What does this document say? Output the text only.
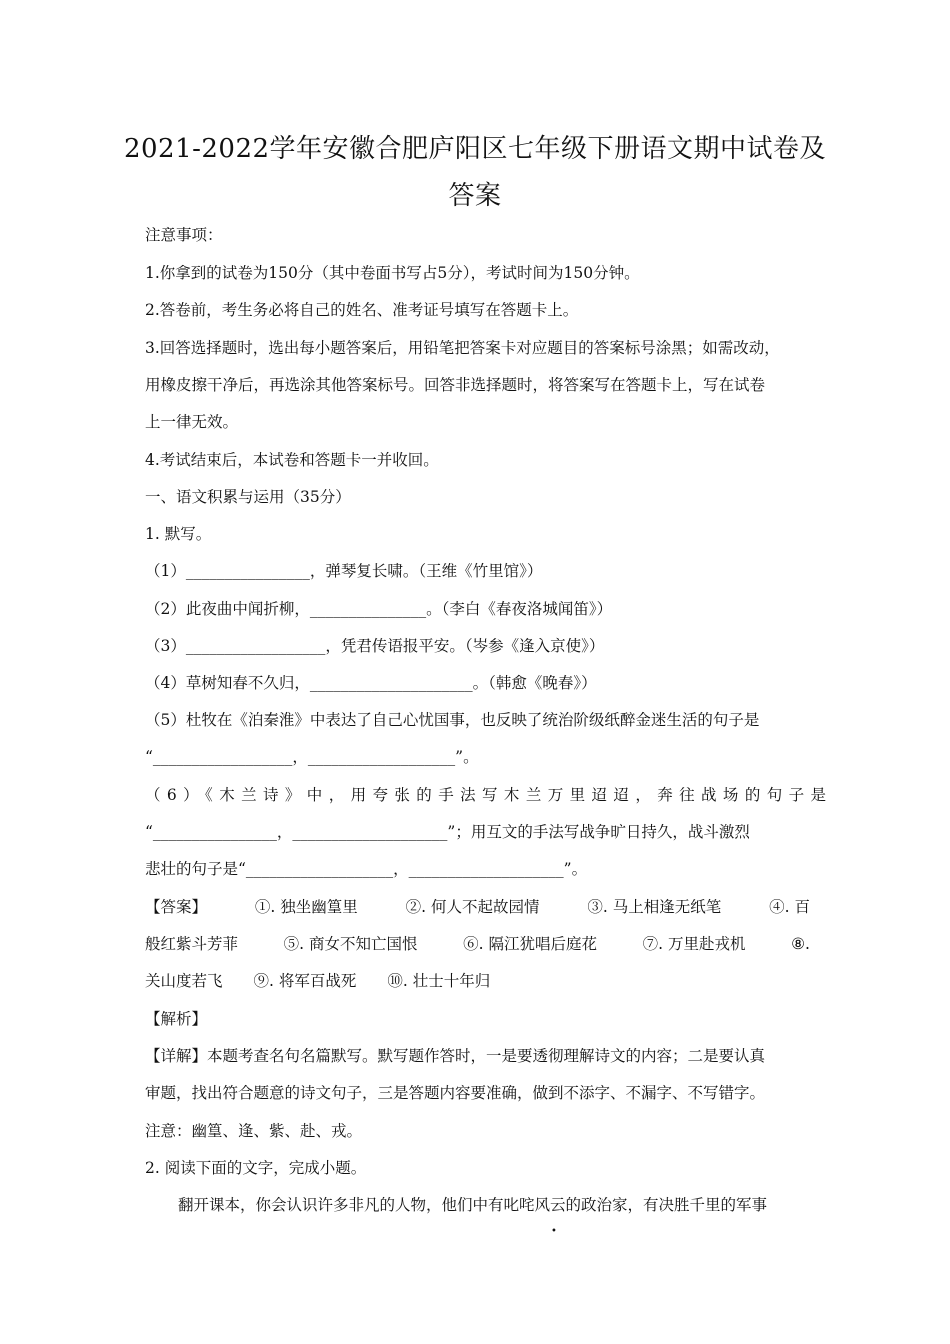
2021-2022学年安徽合肥庐阳区七年级下册语文期中试卷及
答案
注意事项：
1.你拿到的试卷为150分（其中卷面书写占5分），考试时间为150分钟。
2.答卷前，考生务必将自己的姓名、准考证号填写在答题卡上。
3.回答选择题时，选出每小题答案后，用铅笔把答案卡对应题目的答案标号涂黑；如需改动，
用橡皮擦干净后，再选涂其他答案标号。回答非选择题时，将答案写在答题卡上，写在试卷
上一律无效。
4.考试结束后，本试卷和答题卡一并收回。
一、语文积累与运用（35分）
1. 默写。
（1）________________，弹琴复长啸。（王维《竹里馆》）
（2）此夜曲中闻折柳，_______________。（李白《春夜洛城闻笛》）
（3）__________________，凭君传语报平安。（岑参《逢入京使》）
（4）草树知春不久归，_____________________。（韩愈《晚春》）
（5）杜牧在《泊秦淮》中表达了自己心忧国事，也反映了统治阶级纸醉金迷生活的句子是
“__________________，___________________”。
（6）《木兰诗》中，用夸张的手法写木兰万里迢迢，奔往战场的句子是
“________________，____________________”；用互文的手法写战争旷日持久，战斗激烈
悲壮的句子是“___________________，____________________”。
【答案】	①. 独坐幽篁里	②. 何人不起故园情	③. 马上相逢无纸笔	④. 百
般红紫斗芳菲	⑤. 商女不知亡国恨	⑥. 隔江犹唱后庭花	⑦. 万里赴戎机	⑧.
关山度若飞　　⑨. 将军百战死　　⑩. 壮士十年归
【解析】
【详解】本题考查名句名篇默写。默写题作答时，一是要透彻理解诗文的内容；二是要认真
审题，找出符合题意的诗文句子，三是答题内容要准确，做到不添字、不漏字、不写错字。
注意：幽篁、逢、紫、赴、戎。
2. 阅读下面的文字，完成小题。
翻开课本，你会认识许多非凡的人物，他们中有叱咤风云的政治家，有决胜千里的军事
•
